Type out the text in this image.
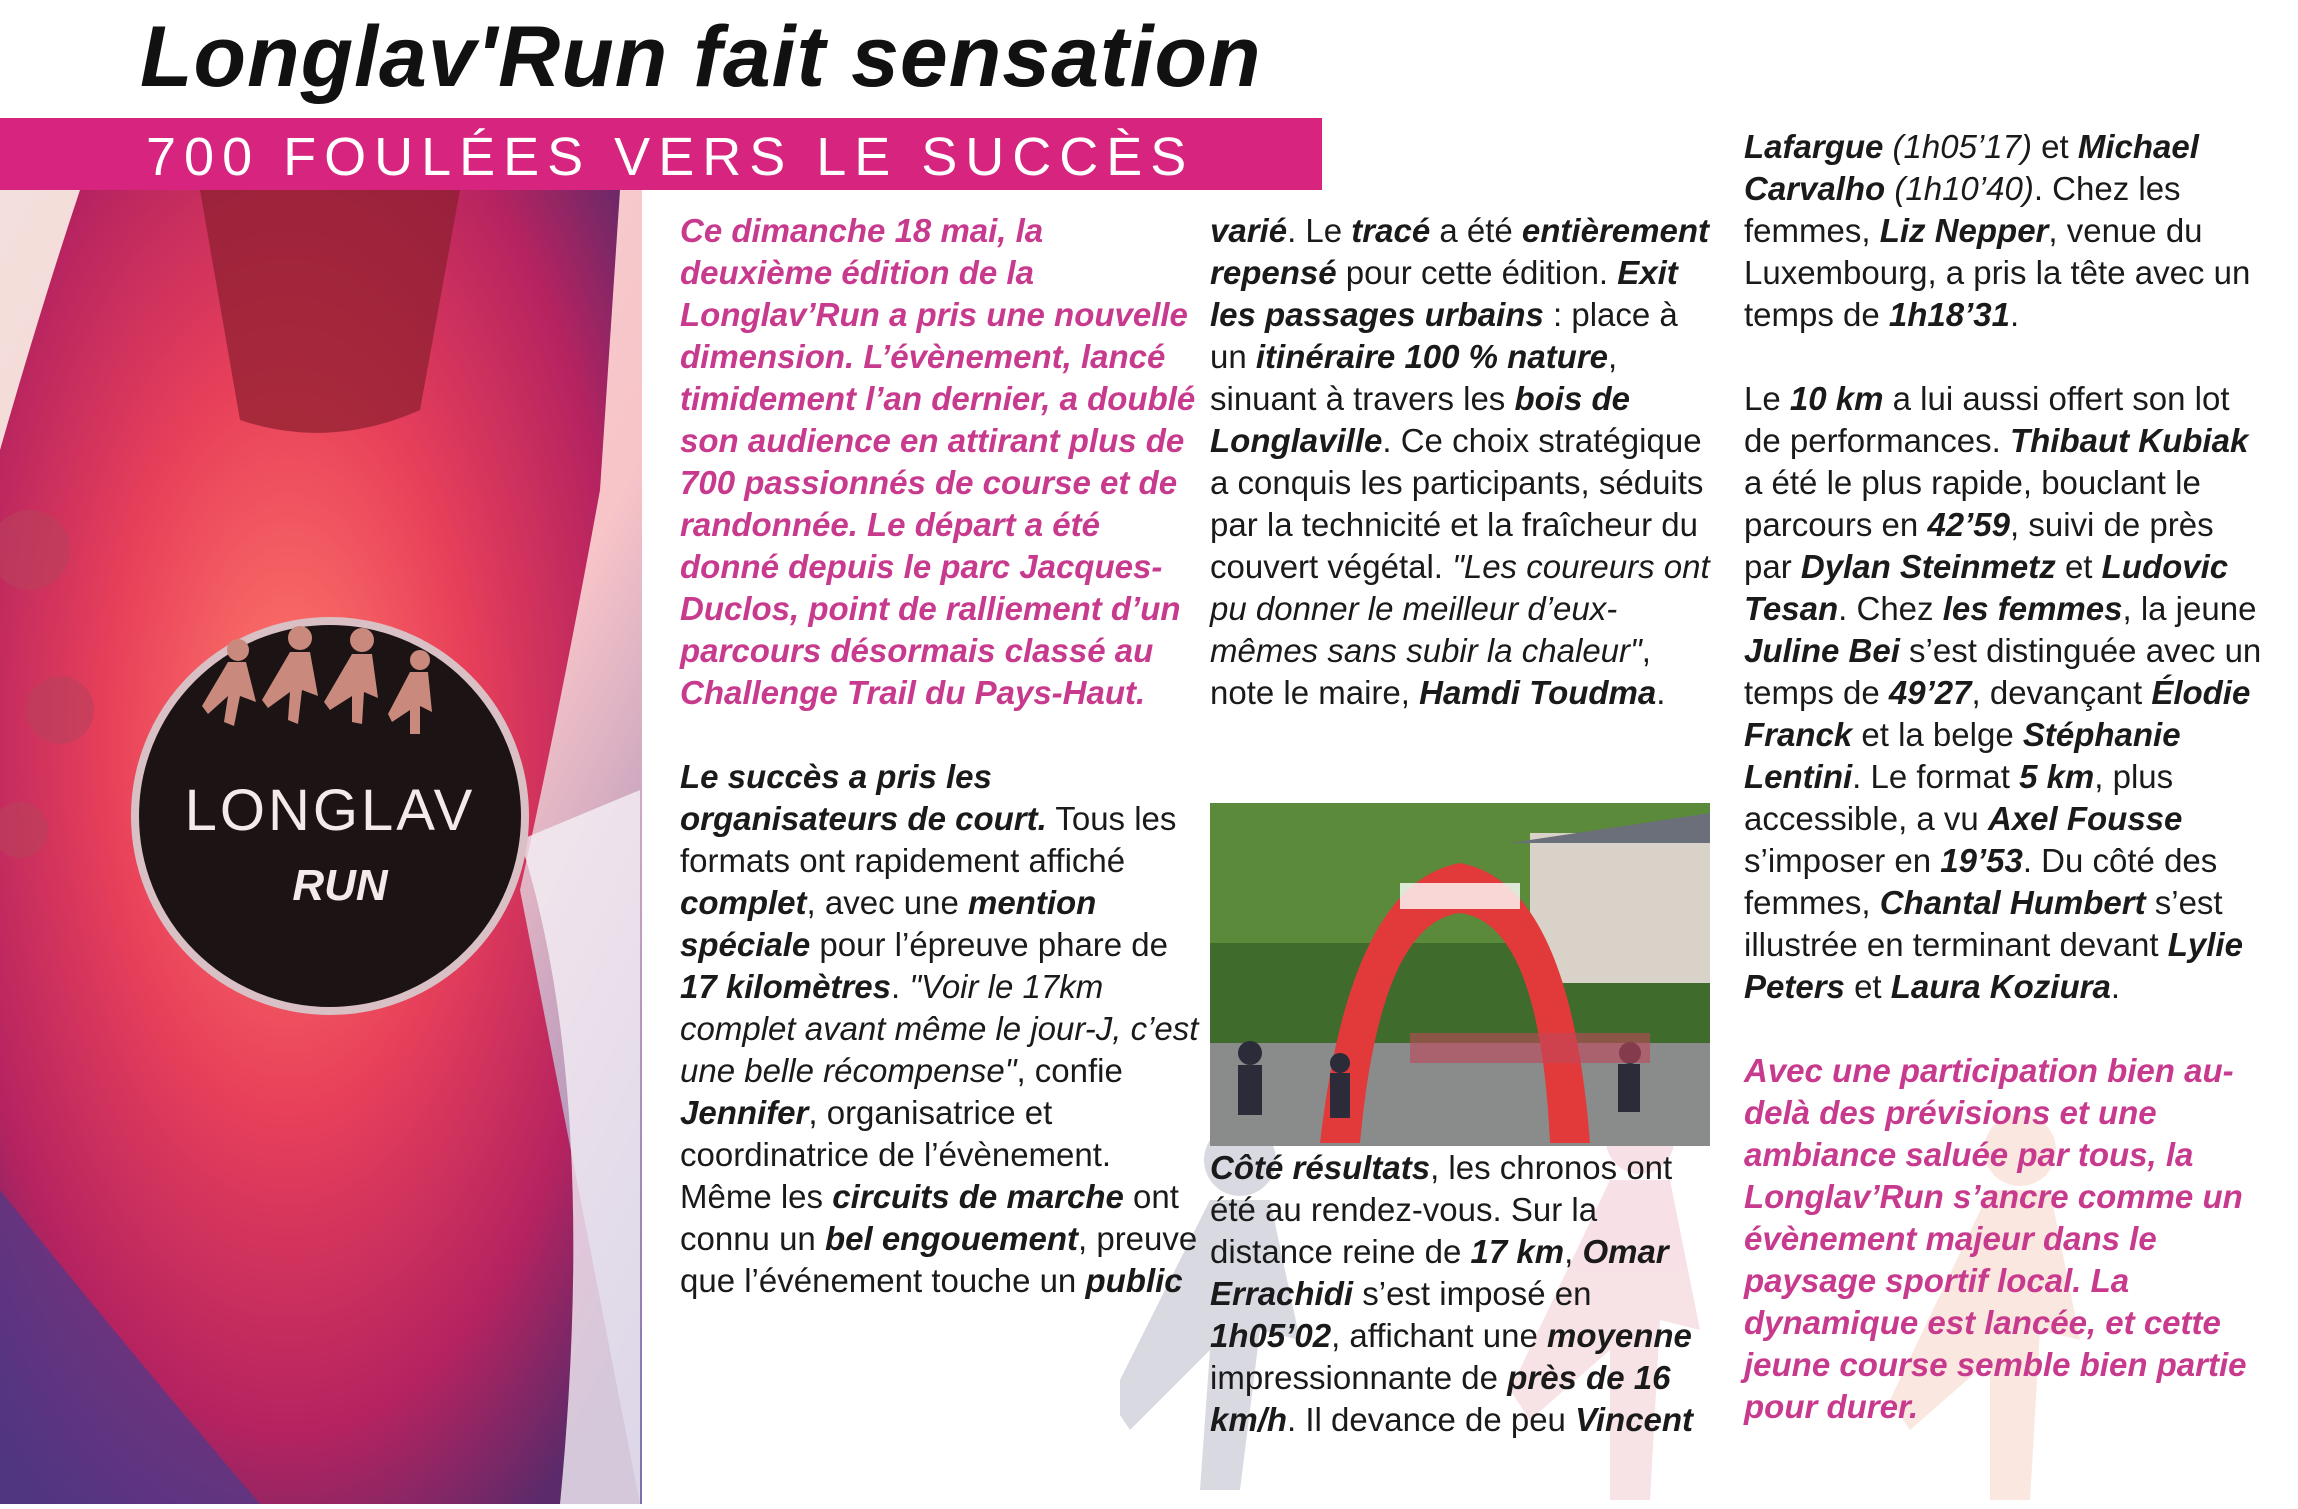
Longlav'Run fait sensation
700 FOULÉES VERS LE SUCCÈS
LONGLAV
RUN

Ce dimanche 18 mai, la deuxième édition de la Longlav’Run a pris une nouvelle dimension. L’évènement, lancé timidement l’an dernier, a doublé son audience en attirant plus de 700 passionnés de course et de randonnée. Le départ a été donné depuis le parc Jacques-Duclos, point de ralliement d’un parcours désormais classé au Challenge Trail du Pays-Haut.

Le succès a pris les organisateurs de court. Tous les formats ont rapidement affiché complet, avec une mention spéciale pour l’épreuve phare de 17 kilomètres. "Voir le 17km complet avant même le jour-J, c’est une belle récompense", confie Jennifer, organisatrice et coordinatrice de l’évènement. Même les circuits de marche ont connu un bel engouement, preuve que l’événement touche un public

varié. Le tracé a été entièrement repensé pour cette édition. Exit les passages urbains : place à un itinéraire 100 % nature, sinuant à travers les bois de Longlaville. Ce choix stratégique a conquis les participants, séduits par la technicité et la fraîcheur du couvert végétal. "Les coureurs ont pu donner le meilleur d’eux-mêmes sans subir la chaleur", note le maire, Hamdi Toudma.

Côté résultats, les chronos ont été au rendez-vous. Sur la distance reine de 17 km, Omar Errachidi s’est imposé en 1h05’02, affichant une moyenne impressionnante de près de 16 km/h. Il devance de peu Vincent

Lafargue (1h05’17) et Michael Carvalho (1h10’40). Chez les femmes, Liz Nepper, venue du Luxembourg, a pris la tête avec un temps de 1h18’31.

Le 10 km a lui aussi offert son lot de performances. Thibaut Kubiak a été le plus rapide, bouclant le parcours en 42’59, suivi de près par Dylan Steinmetz et Ludovic Tesan. Chez les femmes, la jeune Juline Bei s’est distinguée avec un temps de 49’27, devançant Élodie Franck et la belge Stéphanie Lentini. Le format 5 km, plus accessible, a vu Axel Fousse s’imposer en 19’53. Du côté des femmes, Chantal Humbert s’est illustrée en terminant devant Lylie Peters et Laura Koziura.

Avec une participation bien au-delà des prévisions et une ambiance saluée par tous, la Longlav’Run s’ancre comme un évènement majeur dans le paysage sportif local. La dynamique est lancée, et cette jeune course semble bien partie pour durer.
